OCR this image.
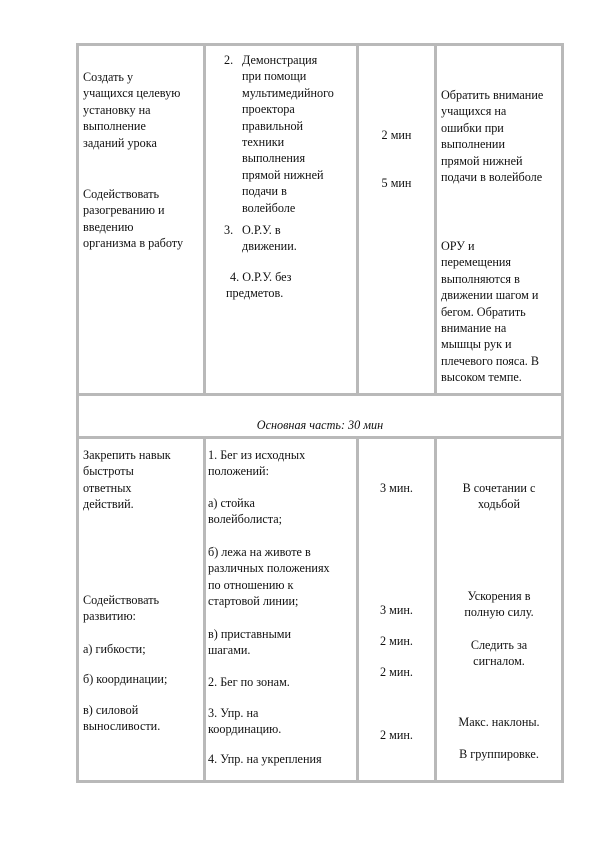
Создать у

учащихся целевую

установку на

выполнение

заданий урока

Содействовать

разогреванию и

введению

организма в работу

2. Демонстрация

при помощи

мультимедийного

проектора

правильной

техники

выполнения

прямой нижней

подачи в

волейболе

3. О.Р.У. в

движении.

4. О.Р.У. без

предметов.

2 мин

5 мин

Обратить внимание

учащихся на

ошибки при

выполнении

прямой нижней

подачи в волейболе

ОРУ и

перемещения

выполняются в

движении шагом и

бегом. Обратить

внимание на

мышцы рук и

плечевого пояса. В

высоком темпе.

Основная часть: 30 мин

Закрепить навык

быстроты

ответных

действий.

Содействовать

развитию:

а) гибкости;

б) координации;

в) силовой

выносливости.

1. Бег из исходных

положений:

а) стойка

волейболиста;

б) лежа на животе в

различных положениях

по отношению к

стартовой линии;

в) приставными

шагами.

2. Бег по зонам.

3. Упр. на

координацию.

4. Упр. на укрепления

3 мин.

3 мин.

2 мин.

2 мин.

2 мин.

В сочетании с

ходьбой

Ускорения в

полную силу.

Следить за

сигналом.

Макс. наклоны.

В группировке.
